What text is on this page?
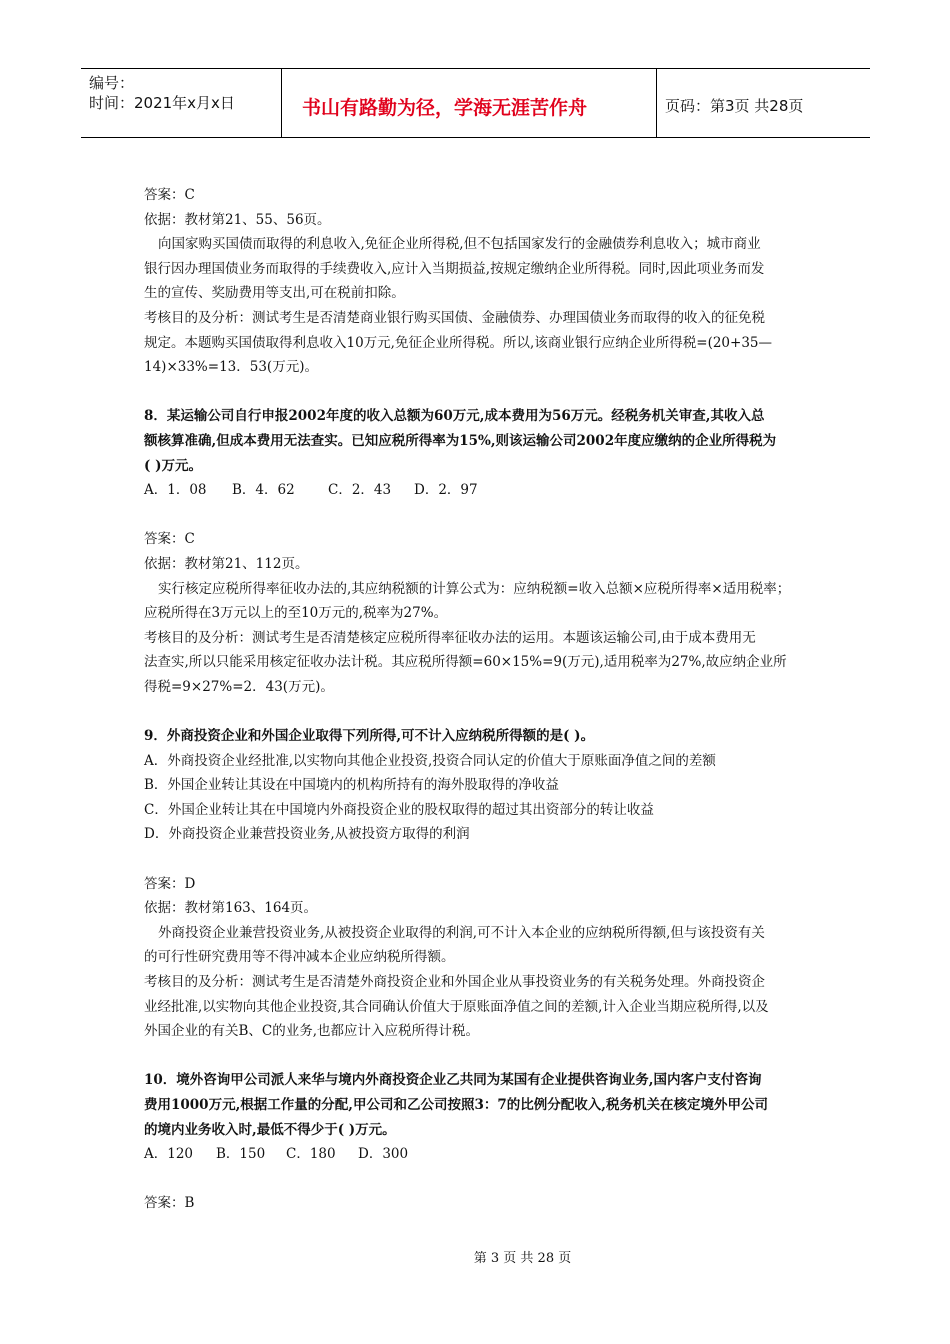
编号：
时间：2021年x月x日	书山有路勤为径，学海无涯苦作舟	页码：第3页 共28页
答案：C
依据：教材第21、55、56页。
向国家购买国债而取得的利息收入,免征企业所得税,但不包括国家发行的金融债券利息收入；城市商业
银行因办理国债业务而取得的手续费收入,应计入当期损益,按规定缴纳企业所得税。同时,因此项业务而发
生的宣传、奖励费用等支出,可在税前扣除。
考核目的及分析：测试考生是否清楚商业银行购买国债、金融债券、办理国债业务而取得的收入的征免税
规定。本题购买国债取得利息收入10万元,免征企业所得税。所以,该商业银行应纳企业所得税=(20+35—
14)×33%=13．53(万元)。
8．某运输公司自行申报2002年度的收入总额为60万元,成本费用为56万元。经税务机关审查,其收入总
额核算准确,但成本费用无法查实。已知应税所得率为15%,则该运输公司2002年度应缴纳的企业所得税为
( )万元。
A．1．08 B．4．62 C．2．43 D．2．97
答案：C
依据：教材第21、112页。
实行核定应税所得率征收办法的,其应纳税额的计算公式为：应纳税额=收入总额×应税所得率×适用税率；
应税所得在3万元以上的至10万元的,税率为27%。
考核目的及分析：测试考生是否清楚核定应税所得率征收办法的运用。本题该运输公司,由于成本费用无
法查实,所以只能采用核定征收办法计税。其应税所得额=60×15%=9(万元),适用税率为27%,故应纳企业所
得税=9×27%=2．43(万元)。
9．外商投资企业和外国企业取得下列所得,可不计入应纳税所得额的是( )。
A．外商投资企业经批准,以实物向其他企业投资,投资合同认定的价值大于原账面净值之间的差额
B．外国企业转让其设在中国境内的机构所持有的海外股取得的净收益
C．外国企业转让其在中国境内外商投资企业的股权取得的超过其出资部分的转让收益
D．外商投资企业兼营投资业务,从被投资方取得的利润
答案：D
依据：教材第163、164页。
外商投资企业兼营投资业务,从被投资企业取得的利润,可不计入本企业的应纳税所得额,但与该投资有关
的可行性研究费用等不得冲减本企业应纳税所得额。
考核目的及分析：测试考生是否清楚外商投资企业和外国企业从事投资业务的有关税务处理。外商投资企
业经批准,以实物向其他企业投资,其合同确认价值大于原账面净值之间的差额,计入企业当期应税所得,以及
外国企业的有关B、C的业务,也都应计入应税所得计税。
10．境外咨询甲公司派人来华与境内外商投资企业乙共同为某国有企业提供咨询业务,国内客户支付咨询
费用1000万元,根据工作量的分配,甲公司和乙公司按照3：7的比例分配收入,税务机关在核定境外甲公司
的境内业务收入时,最低不得少于( )万元。
A．120 B．150 C．180 D．300
答案：B
第 3 页 共 28 页
